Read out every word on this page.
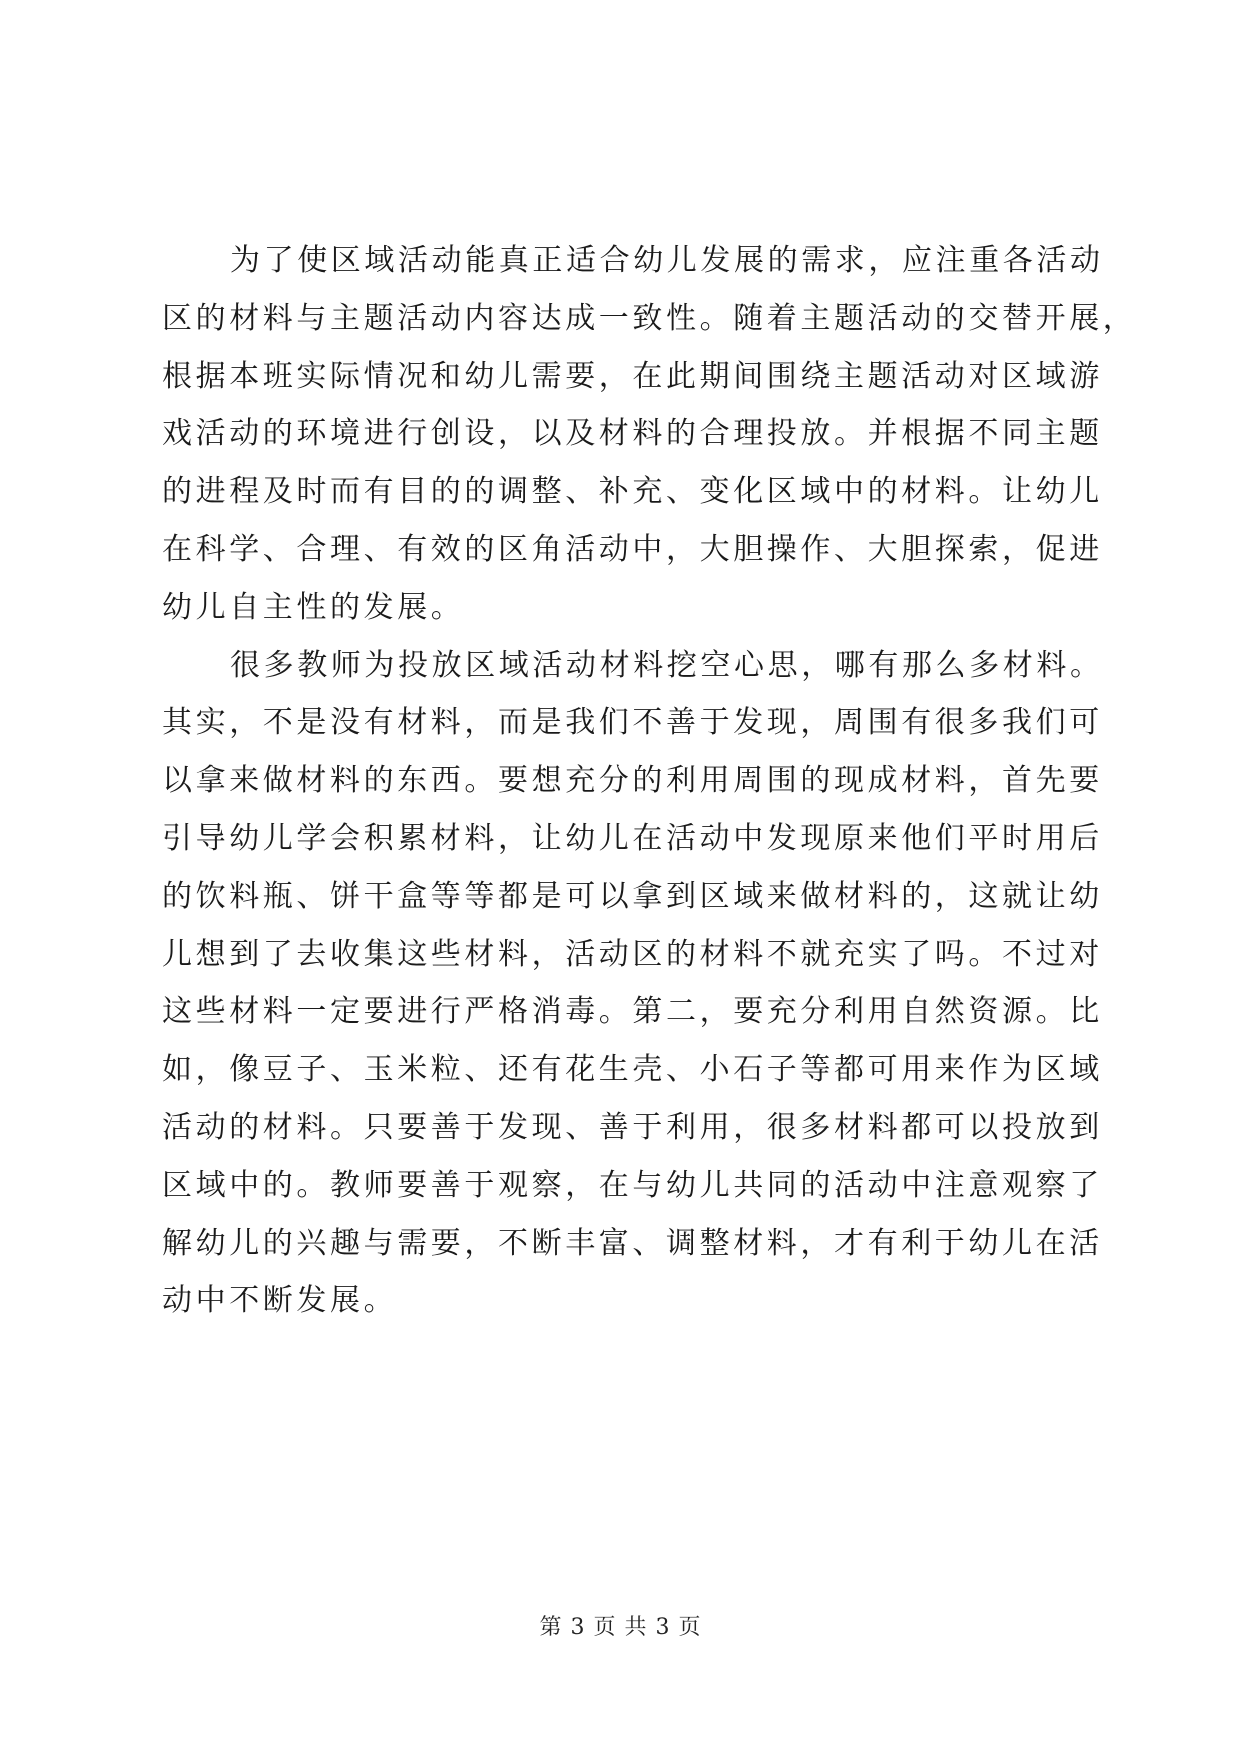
为了使区域活动能真正适合幼儿发展的需求，应注重各活动
区的材料与主题活动内容达成一致性。随着主题活动的交替开展，
根据本班实际情况和幼儿需要，在此期间围绕主题活动对区域游
戏活动的环境进行创设，以及材料的合理投放。并根据不同主题
的进程及时而有目的的调整、补充、变化区域中的材料。让幼儿
在科学、合理、有效的区角活动中，大胆操作、大胆探索，促进
幼儿自主性的发展。
很多教师为投放区域活动材料挖空心思，哪有那么多材料。
其实，不是没有材料，而是我们不善于发现，周围有很多我们可
以拿来做材料的东西。要想充分的利用周围的现成材料，首先要
引导幼儿学会积累材料，让幼儿在活动中发现原来他们平时用后
的饮料瓶、饼干盒等等都是可以拿到区域来做材料的，这就让幼
儿想到了去收集这些材料，活动区的材料不就充实了吗。不过对
这些材料一定要进行严格消毒。第二，要充分利用自然资源。比
如，像豆子、玉米粒、还有花生壳、小石子等都可用来作为区域
活动的材料。只要善于发现、善于利用，很多材料都可以投放到
区域中的。教师要善于观察，在与幼儿共同的活动中注意观察了
解幼儿的兴趣与需要，不断丰富、调整材料，才有利于幼儿在活
动中不断发展。
第 3 页 共 3 页
